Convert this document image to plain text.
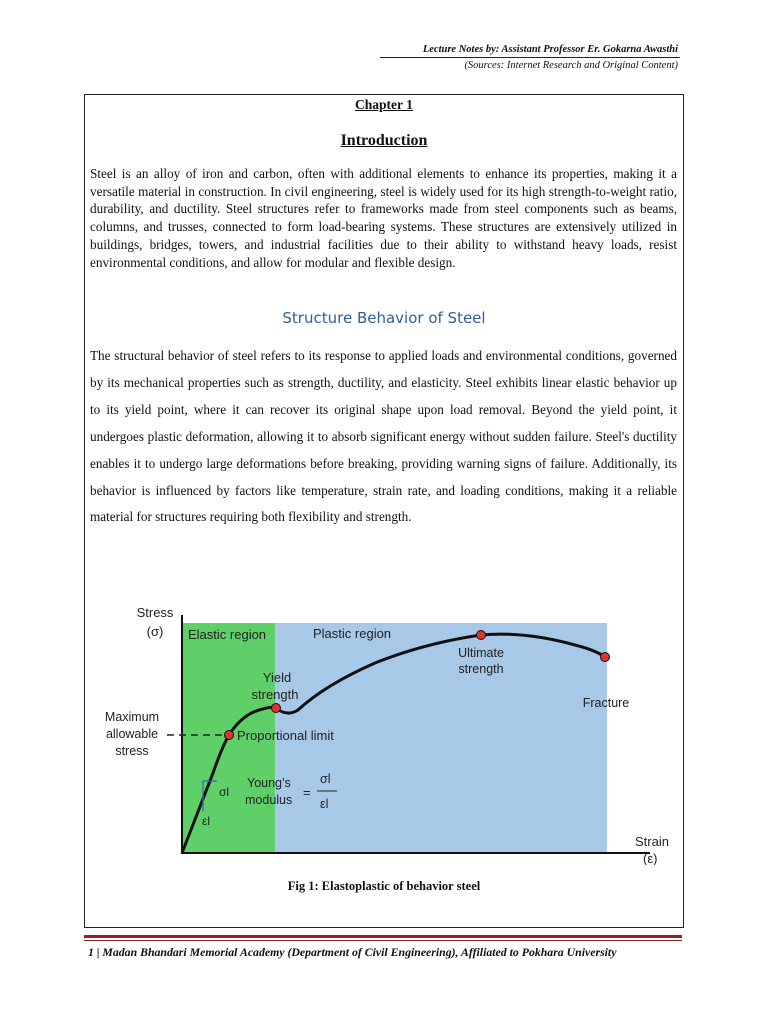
Lecture Notes by: Assistant Professor Er. Gokarna Awasthi
(Sources: Internet Research and Original Content)
Chapter 1
Introduction
Steel is an alloy of iron and carbon, often with additional elements to enhance its properties, making it a versatile material in construction. In civil engineering, steel is widely used for its high strength-to-weight ratio, durability, and ductility. Steel structures refer to frameworks made from steel components such as beams, columns, and trusses, connected to form load-bearing systems. These structures are extensively utilized in buildings, bridges, towers, and industrial facilities due to their ability to withstand heavy loads, resist environmental conditions, and allow for modular and flexible design.
Structure Behavior of Steel
The structural behavior of steel refers to its response to applied loads and environmental conditions, governed by its mechanical properties such as strength, ductility, and elasticity. Steel exhibits linear elastic behavior up to its yield point, where it can recover its original shape upon load removal. Beyond the yield point, it undergoes plastic deformation, allowing it to absorb significant energy without sudden failure. Steel's ductility enables it to undergo large deformations before breaking, providing warning signs of failure. Additionally, its behavior is influenced by factors like temperature, strain rate, and loading conditions, making it a reliable material for structures requiring both flexibility and strength.
Stress
(σ)
Strain
(ε)
Elastic region	Plastic region
Maximum
allowable
stress
σl
εl
Young’s
modulus =
σl
εl
Proportional limit
Yield
strength
Ultimate
strength
Fracture
Fig 1: Elastoplastic of behavior steel
1 | Madan Bhandari Memorial Academy (Department of Civil Engineering), Affiliated to Pokhara University
